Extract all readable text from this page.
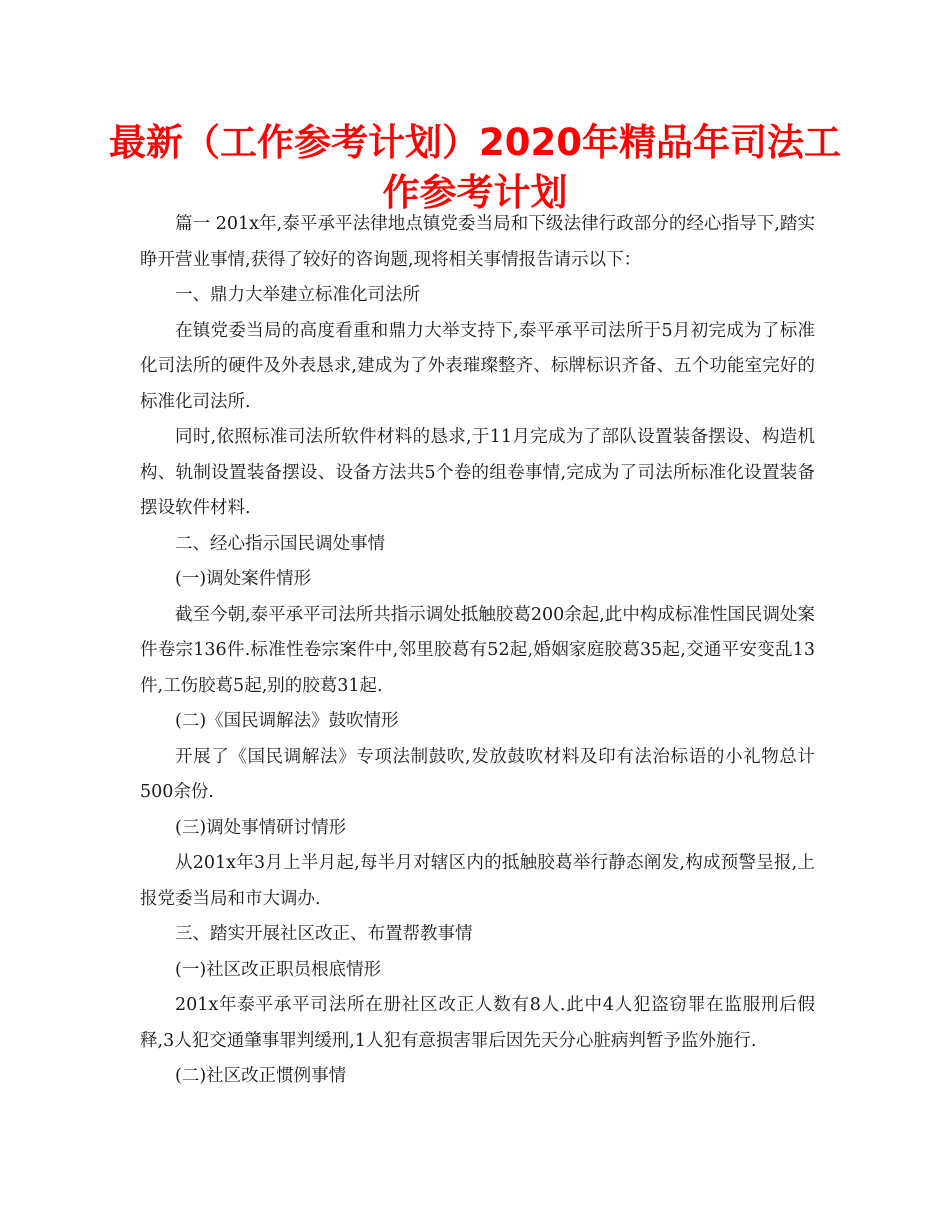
最新（工作参考计划）2020年精品年司法工作参考计划

篇一 201x年,泰平承平法律地点镇党委当局和下级法律行政部分的经心指导下,踏实睁开营业事情,获得了较好的咨询题,现将相关事情报告请示以下：

一、鼎力大举建立标准化司法所

在镇党委当局的高度看重和鼎力大举支持下,泰平承平司法所于5月初完成为了标准化司法所的硬件及外表恳求,建成为了外表璀璨整齐、标牌标识齐备、五个功能室完好的标准化司法所.

同时,依照标准司法所软件材料的恳求,于11月完成为了部队设置装备摆设、构造机构、轨制设置装备摆设、设备方法共5个卷的组卷事情,完成为了司法所标准化设置装备摆设软件材料.

二、经心指示国民调处事情

(一)调处案件情形

截至今朝,泰平承平司法所共指示调处抵触胶葛200余起,此中构成标准性国民调处案件卷宗136件.标准性卷宗案件中,邻里胶葛有52起,婚姻家庭胶葛35起,交通平安变乱13件,工伤胶葛5起,别的胶葛31起.

(二)《国民调解法》鼓吹情形

开展了《国民调解法》专项法制鼓吹,发放鼓吹材料及印有法治标语的小礼物总计500余份.

(三)调处事情研讨情形

从201x年3月上半月起,每半月对辖区内的抵触胶葛举行静态阐发,构成预警呈报,上报党委当局和市大调办.

三、踏实开展社区改正、布置帮教事情

(一)社区改正职员根底情形

201x年泰平承平司法所在册社区改正人数有8人.此中4人犯盗窃罪在监服刑后假释,3人犯交通肇事罪判缓刑,1人犯有意损害罪后因先天分心脏病判暂予监外施行.

(二)社区改正惯例事情
